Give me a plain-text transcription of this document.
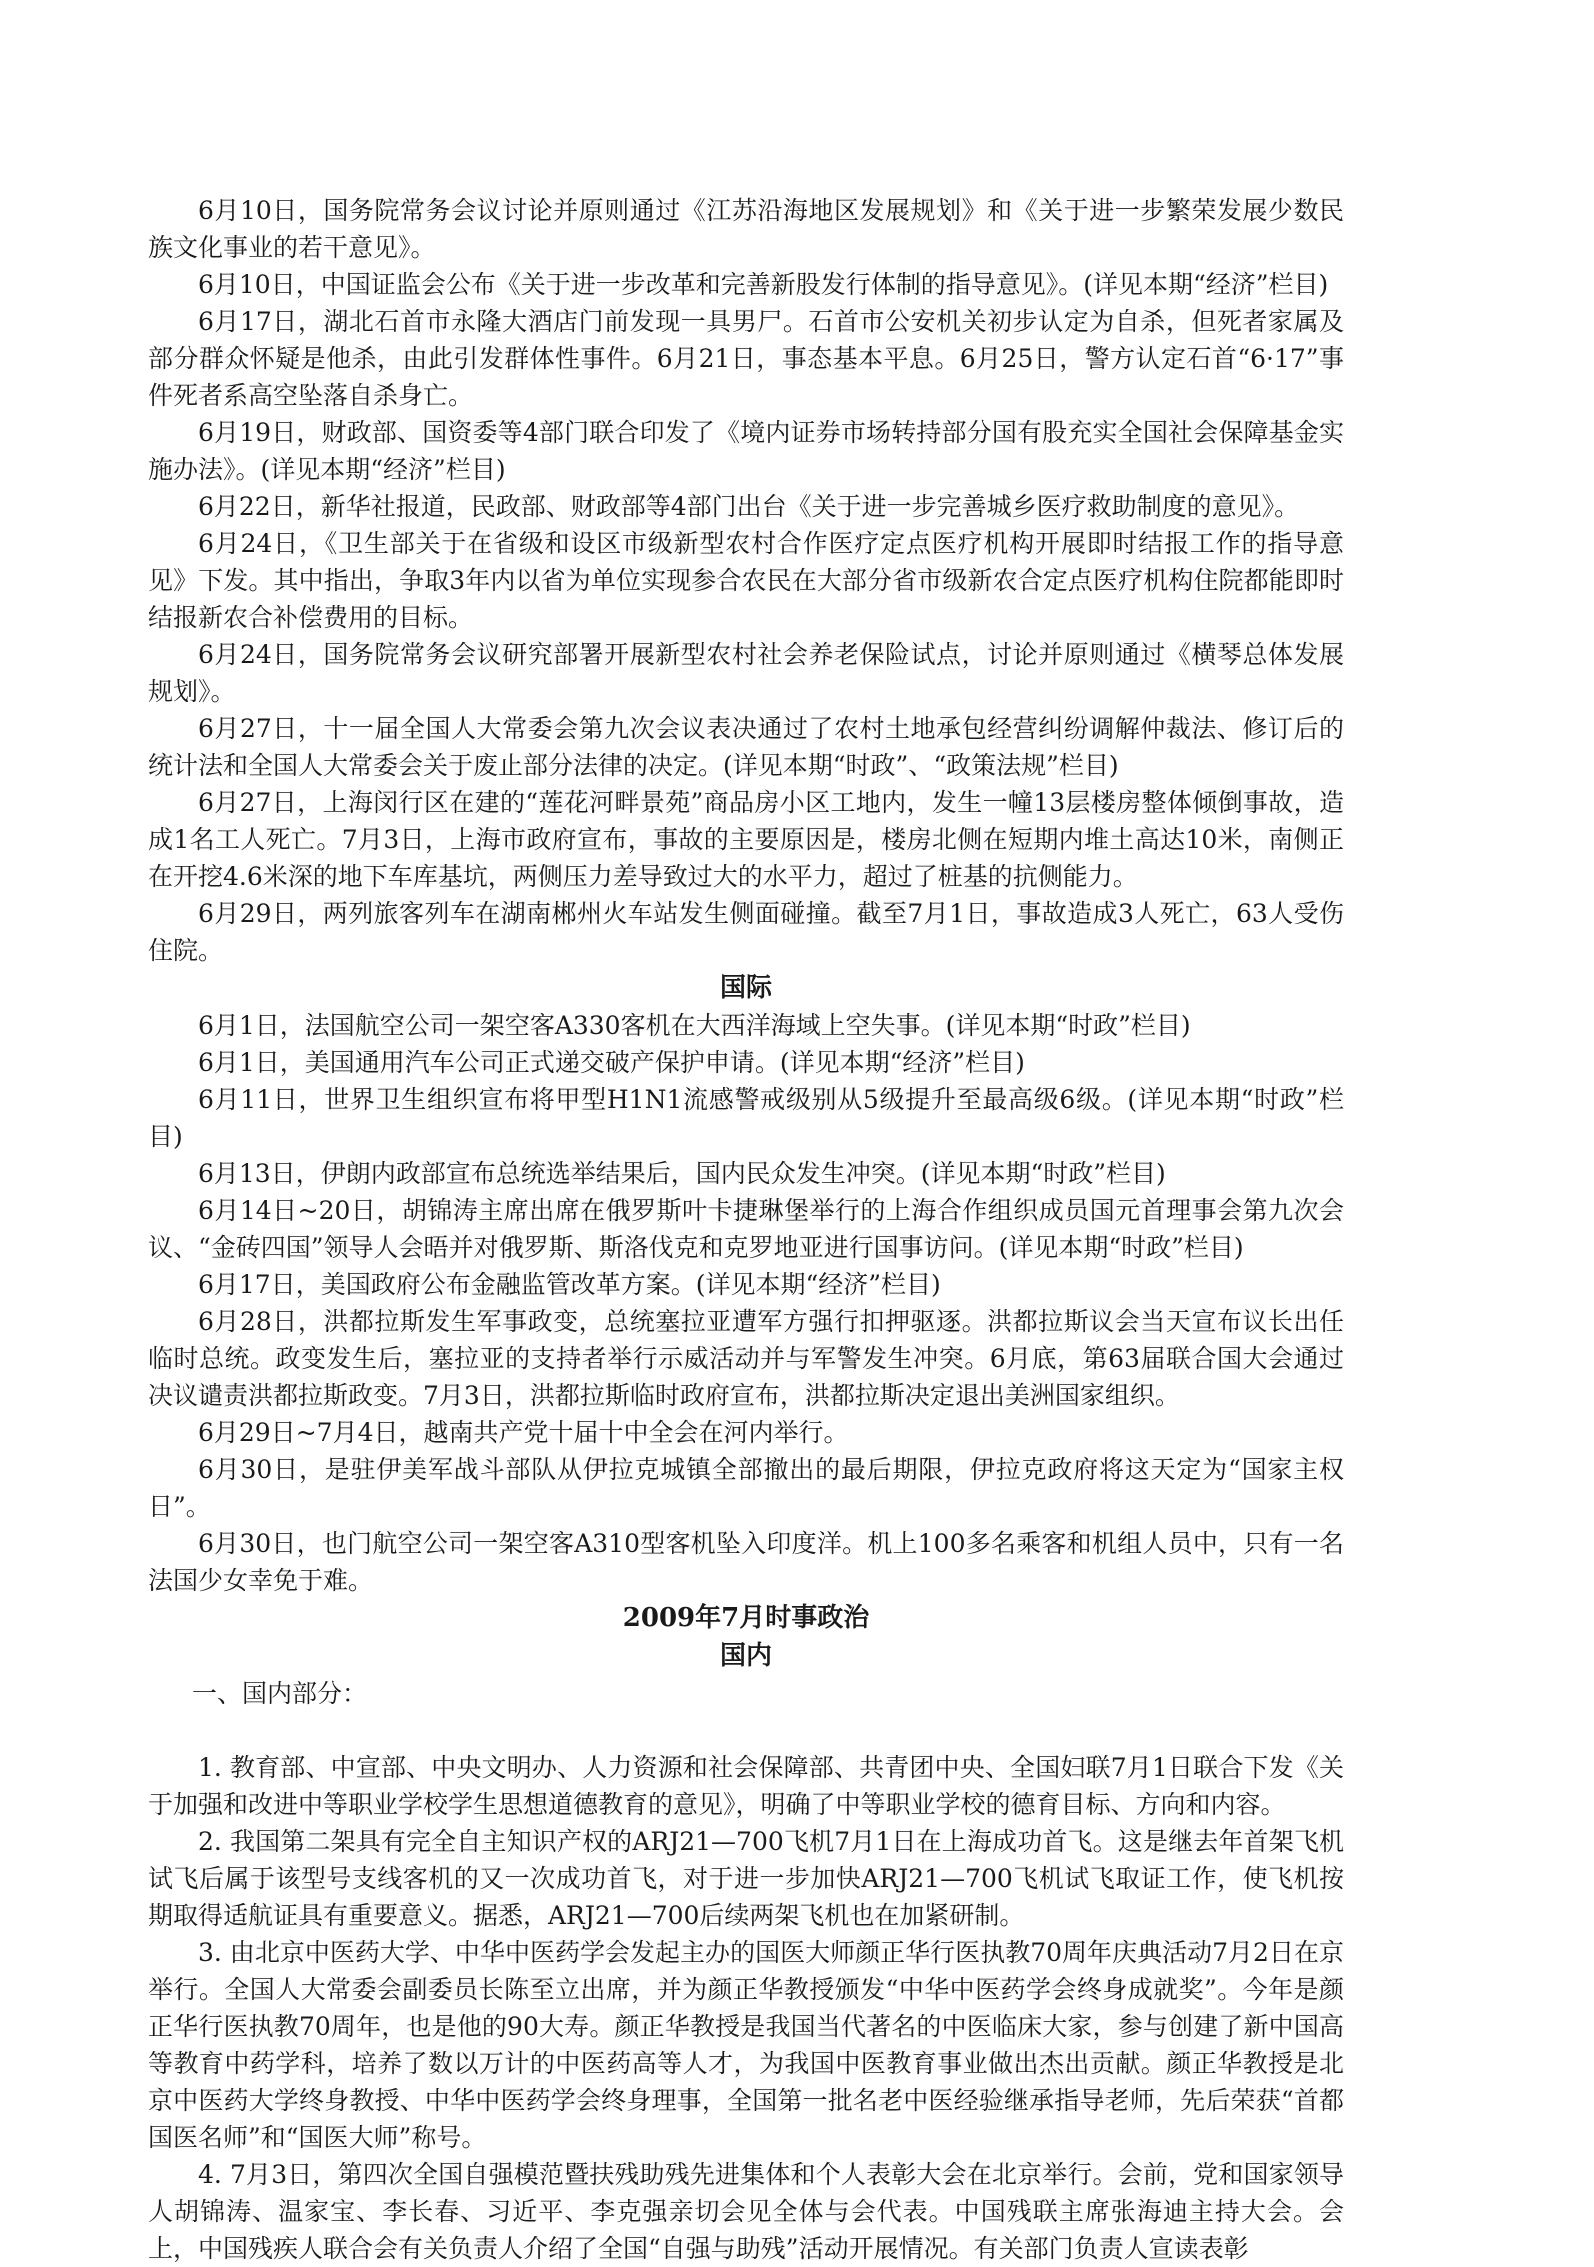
6月10日，国务院常务会议讨论并原则通过《江苏沿海地区发展规划》和《关于进一步繁荣发展少数民族文化事业的若干意见》。

6月10日，中国证监会公布《关于进一步改革和完善新股发行体制的指导意见》。(详见本期“经济”栏目)

6月17日，湖北石首市永隆大酒店门前发现一具男尸。石首市公安机关初步认定为自杀，但死者家属及部分群众怀疑是他杀，由此引发群体性事件。6月21日，事态基本平息。6月25日，警方认定石首“6·17”事件死者系高空坠落自杀身亡。

6月19日，财政部、国资委等4部门联合印发了《境内证券市场转持部分国有股充实全国社会保障基金实施办法》。(详见本期“经济”栏目)

6月22日，新华社报道，民政部、财政部等4部门出台《关于进一步完善城乡医疗救助制度的意见》。

6月24日，《卫生部关于在省级和设区市级新型农村合作医疗定点医疗机构开展即时结报工作的指导意见》下发。其中指出，争取3年内以省为单位实现参合农民在大部分省市级新农合定点医疗机构住院都能即时结报新农合补偿费用的目标。

6月24日，国务院常务会议研究部署开展新型农村社会养老保险试点，讨论并原则通过《横琴总体发展规划》。

6月27日，十一届全国人大常委会第九次会议表决通过了农村土地承包经营纠纷调解仲裁法、修订后的统计法和全国人大常委会关于废止部分法律的决定。(详见本期“时政”、“政策法规”栏目)

6月27日，上海闵行区在建的“莲花河畔景苑”商品房小区工地内，发生一幢13层楼房整体倾倒事故，造成1名工人死亡。7月3日，上海市政府宣布，事故的主要原因是，楼房北侧在短期内堆土高达10米，南侧正在开挖4.6米深的地下车库基坑，两侧压力差导致过大的水平力，超过了桩基的抗侧能力。

6月29日，两列旅客列车在湖南郴州火车站发生侧面碰撞。截至7月1日，事故造成3人死亡，63人受伤住院。

国际

6月1日，法国航空公司一架空客A330客机在大西洋海域上空失事。(详见本期“时政”栏目)

6月1日，美国通用汽车公司正式递交破产保护申请。(详见本期“经济”栏目)

6月11日，世界卫生组织宣布将甲型H1N1流感警戒级别从5级提升至最高级6级。(详见本期“时政”栏目)

6月13日，伊朗内政部宣布总统选举结果后，国内民众发生冲突。(详见本期“时政”栏目)

6月14日~20日，胡锦涛主席出席在俄罗斯叶卡捷琳堡举行的上海合作组织成员国元首理事会第九次会议、“金砖四国”领导人会晤并对俄罗斯、斯洛伐克和克罗地亚进行国事访问。(详见本期“时政”栏目)

6月17日，美国政府公布金融监管改革方案。(详见本期“经济”栏目)

6月28日，洪都拉斯发生军事政变，总统塞拉亚遭军方强行扣押驱逐。洪都拉斯议会当天宣布议长出任临时总统。政变发生后，塞拉亚的支持者举行示威活动并与军警发生冲突。6月底，第63届联合国大会通过决议谴责洪都拉斯政变。7月3日，洪都拉斯临时政府宣布，洪都拉斯决定退出美洲国家组织。

6月29日~7月4日，越南共产党十届十中全会在河内举行。

6月30日，是驻伊美军战斗部队从伊拉克城镇全部撤出的最后期限，伊拉克政府将这天定为“国家主权日”。

6月30日，也门航空公司一架空客A310型客机坠入印度洋。机上100多名乘客和机组人员中，只有一名法国少女幸免于难。

2009年7月时事政治
国内

一、国内部分：

1. 教育部、中宣部、中央文明办、人力资源和社会保障部、共青团中央、全国妇联7月1日联合下发《关于加强和改进中等职业学校学生思想道德教育的意见》，明确了中等职业学校的德育目标、方向和内容。

2. 我国第二架具有完全自主知识产权的ARJ21—700飞机7月1日在上海成功首飞。这是继去年首架飞机试飞后属于该型号支线客机的又一次成功首飞，对于进一步加快ARJ21—700飞机试飞取证工作，使飞机按期取得适航证具有重要意义。据悉，ARJ21—700后续两架飞机也在加紧研制。

3. 由北京中医药大学、中华中医药学会发起主办的国医大师颜正华行医执教70周年庆典活动7月2日在京举行。全国人大常委会副委员长陈至立出席，并为颜正华教授颁发“中华中医药学会终身成就奖”。今年是颜正华行医执教70周年，也是他的90大寿。颜正华教授是我国当代著名的中医临床大家，参与创建了新中国高等教育中药学科，培养了数以万计的中医药高等人才，为我国中医教育事业做出杰出贡献。颜正华教授是北京中医药大学终身教授、中华中医药学会终身理事，全国第一批名老中医经验继承指导老师，先后荣获“首都国医名师”和“国医大师”称号。

4. 7月3日，第四次全国自强模范暨扶残助残先进集体和个人表彰大会在北京举行。会前，党和国家领导人胡锦涛、温家宝、李长春、习近平、李克强亲切会见全体与会代表。中国残联主席张海迪主持大会。会上，中国残疾人联合会有关负责人介绍了全国“自强与助残”活动开展情况。有关部门负责人宣读表彰
